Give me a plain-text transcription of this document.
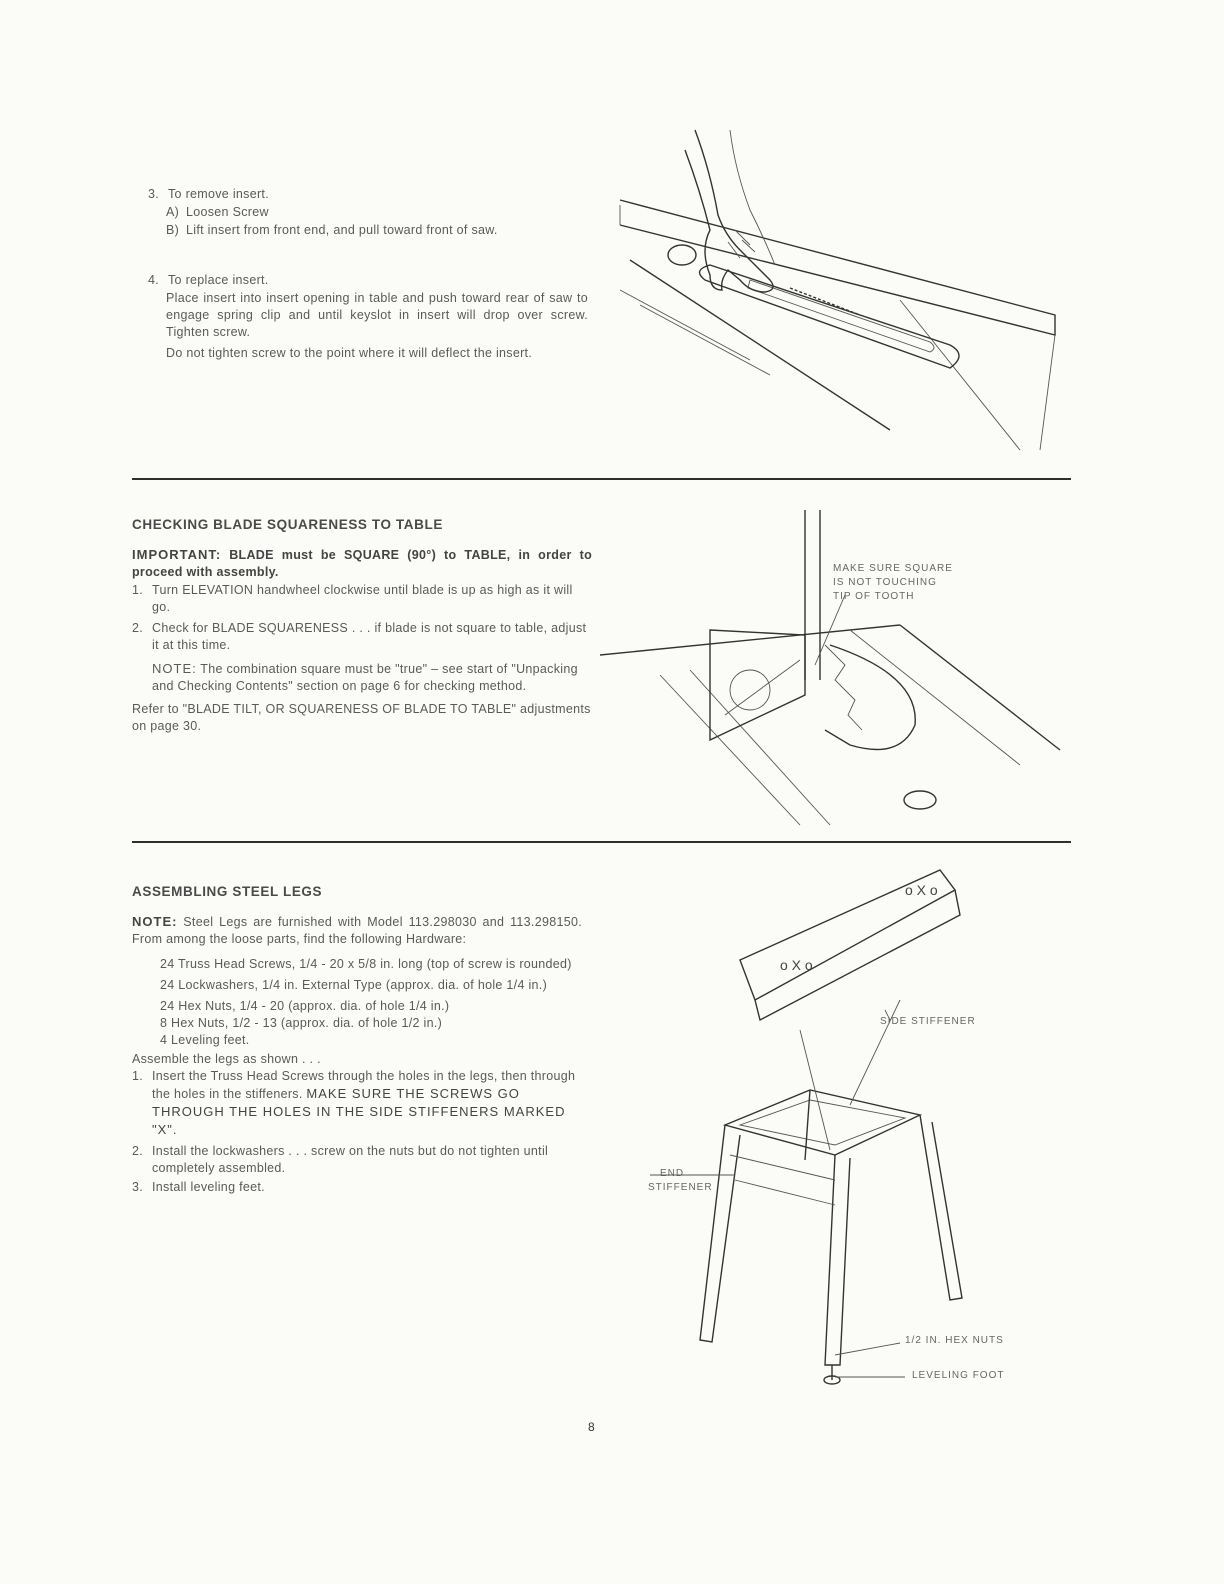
3. To remove insert.
A) Loosen Screw
B) Lift insert from front end, and pull toward front of saw.
4. To replace insert.

Place insert into insert opening in table and push toward rear of saw to engage spring clip and until keyslot in insert will drop over screw. Tighten screw.

Do not tighten screw to the point where it will deflect the insert.

CHECKING BLADE SQUARENESS TO TABLE

IMPORTANT: BLADE must be SQUARE (90°) to TABLE, in order to proceed with assembly.

1. Turn ELEVATION handwheel clockwise until blade is up as high as it will go.

2. Check for BLADE SQUARENESS . . . if blade is not square to table, adjust it at this time.

NOTE: The combination square must be "true" – see start of "Unpacking and Checking Contents" section on page 6 for checking method.

Refer to "BLADE TILT, OR SQUARENESS OF BLADE TO TABLE" adjustments on page 30.

MAKE SURE SQUARE
IS NOT TOUCHING
TIP OF TOOTH
ASSEMBLING STEEL LEGS

NOTE: Steel Legs are furnished with Model 113.298030 and 113.298150. From among the loose parts, find the following Hardware:

24 Truss Head Screws, 1/4 - 20 x 5/8 in. long (top of screw is rounded)

24 Lockwashers, 1/4 in. External Type (approx. dia. of hole 1/4 in.)

24 Hex Nuts, 1/4 - 20 (approx. dia. of hole 1/4 in.)

8 Hex Nuts, 1/2 - 13 (approx. dia. of hole 1/2 in.)

4 Leveling feet.

Assemble the legs as shown . . .

1. Insert the Truss Head Screws through the holes in the legs, then through the holes in the stiffeners. MAKE SURE THE SCREWS GO THROUGH THE HOLES IN THE SIDE STIFFENERS MARKED "X".

2. Install the lockwashers . . . screw on the nuts but do not tighten until completely assembled.

3. Install leveling feet.

o X o
o X o
SIDE STIFFENER
END
STIFFENER
1/2 IN. HEX NUTS
LEVELING FOOT
8
